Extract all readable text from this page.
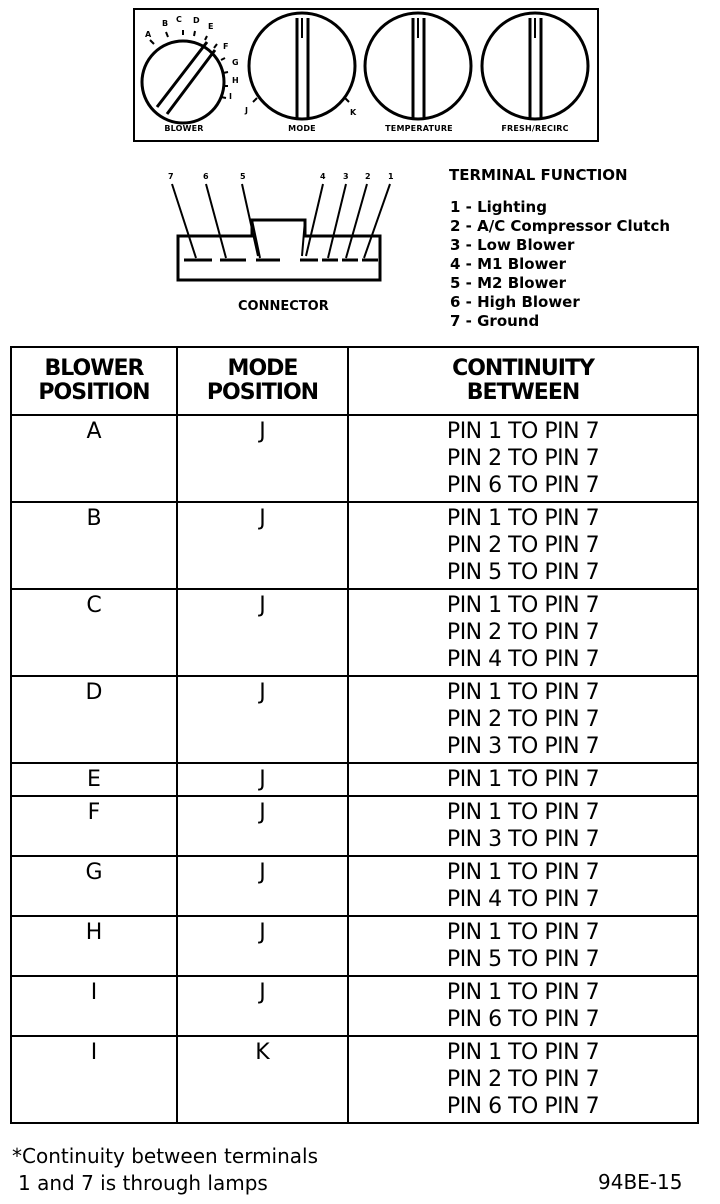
A
B C D
E
F
G
H
I
J	K
BLOWER	MODE	TEMPERATURE	FRESH/RECIRC
7	6	5	4 3 2 1
CONNECTOR
TERMINAL FUNCTION
1 - Lighting
2 - A/C Compressor Clutch
3 - Low Blower
4 - M1 Blower
5 - M2 Blower
6 - High Blower
7 - Ground
BLOWER
POSITION	MODE
POSITION	CONTINUITY
BETWEEN
A	J	PIN 1 TO PIN 7
PIN 2 TO PIN 7
PIN 6 TO PIN 7

B	J	PIN 1 TO PIN 7
PIN 2 TO PIN 7
PIN 5 TO PIN 7

C	J	PIN 1 TO PIN 7
PIN 2 TO PIN 7
PIN 4 TO PIN 7

D	J	PIN 1 TO PIN 7
PIN 2 TO PIN 7
PIN 3 TO PIN 7

E	J	PIN 1 TO PIN 7

F	J	PIN 1 TO PIN 7
PIN 3 TO PIN 7

G	J	PIN 1 TO PIN 7
PIN 4 TO PIN 7

H	J	PIN 1 TO PIN 7
PIN 5 TO PIN 7

I	J	PIN 1 TO PIN 7
PIN 6 TO PIN 7

I	K	PIN 1 TO PIN 7
PIN 2 TO PIN 7
PIN 6 TO PIN 7
*Continuity between terminals
1 and 7 is through lamps	94BE-15
